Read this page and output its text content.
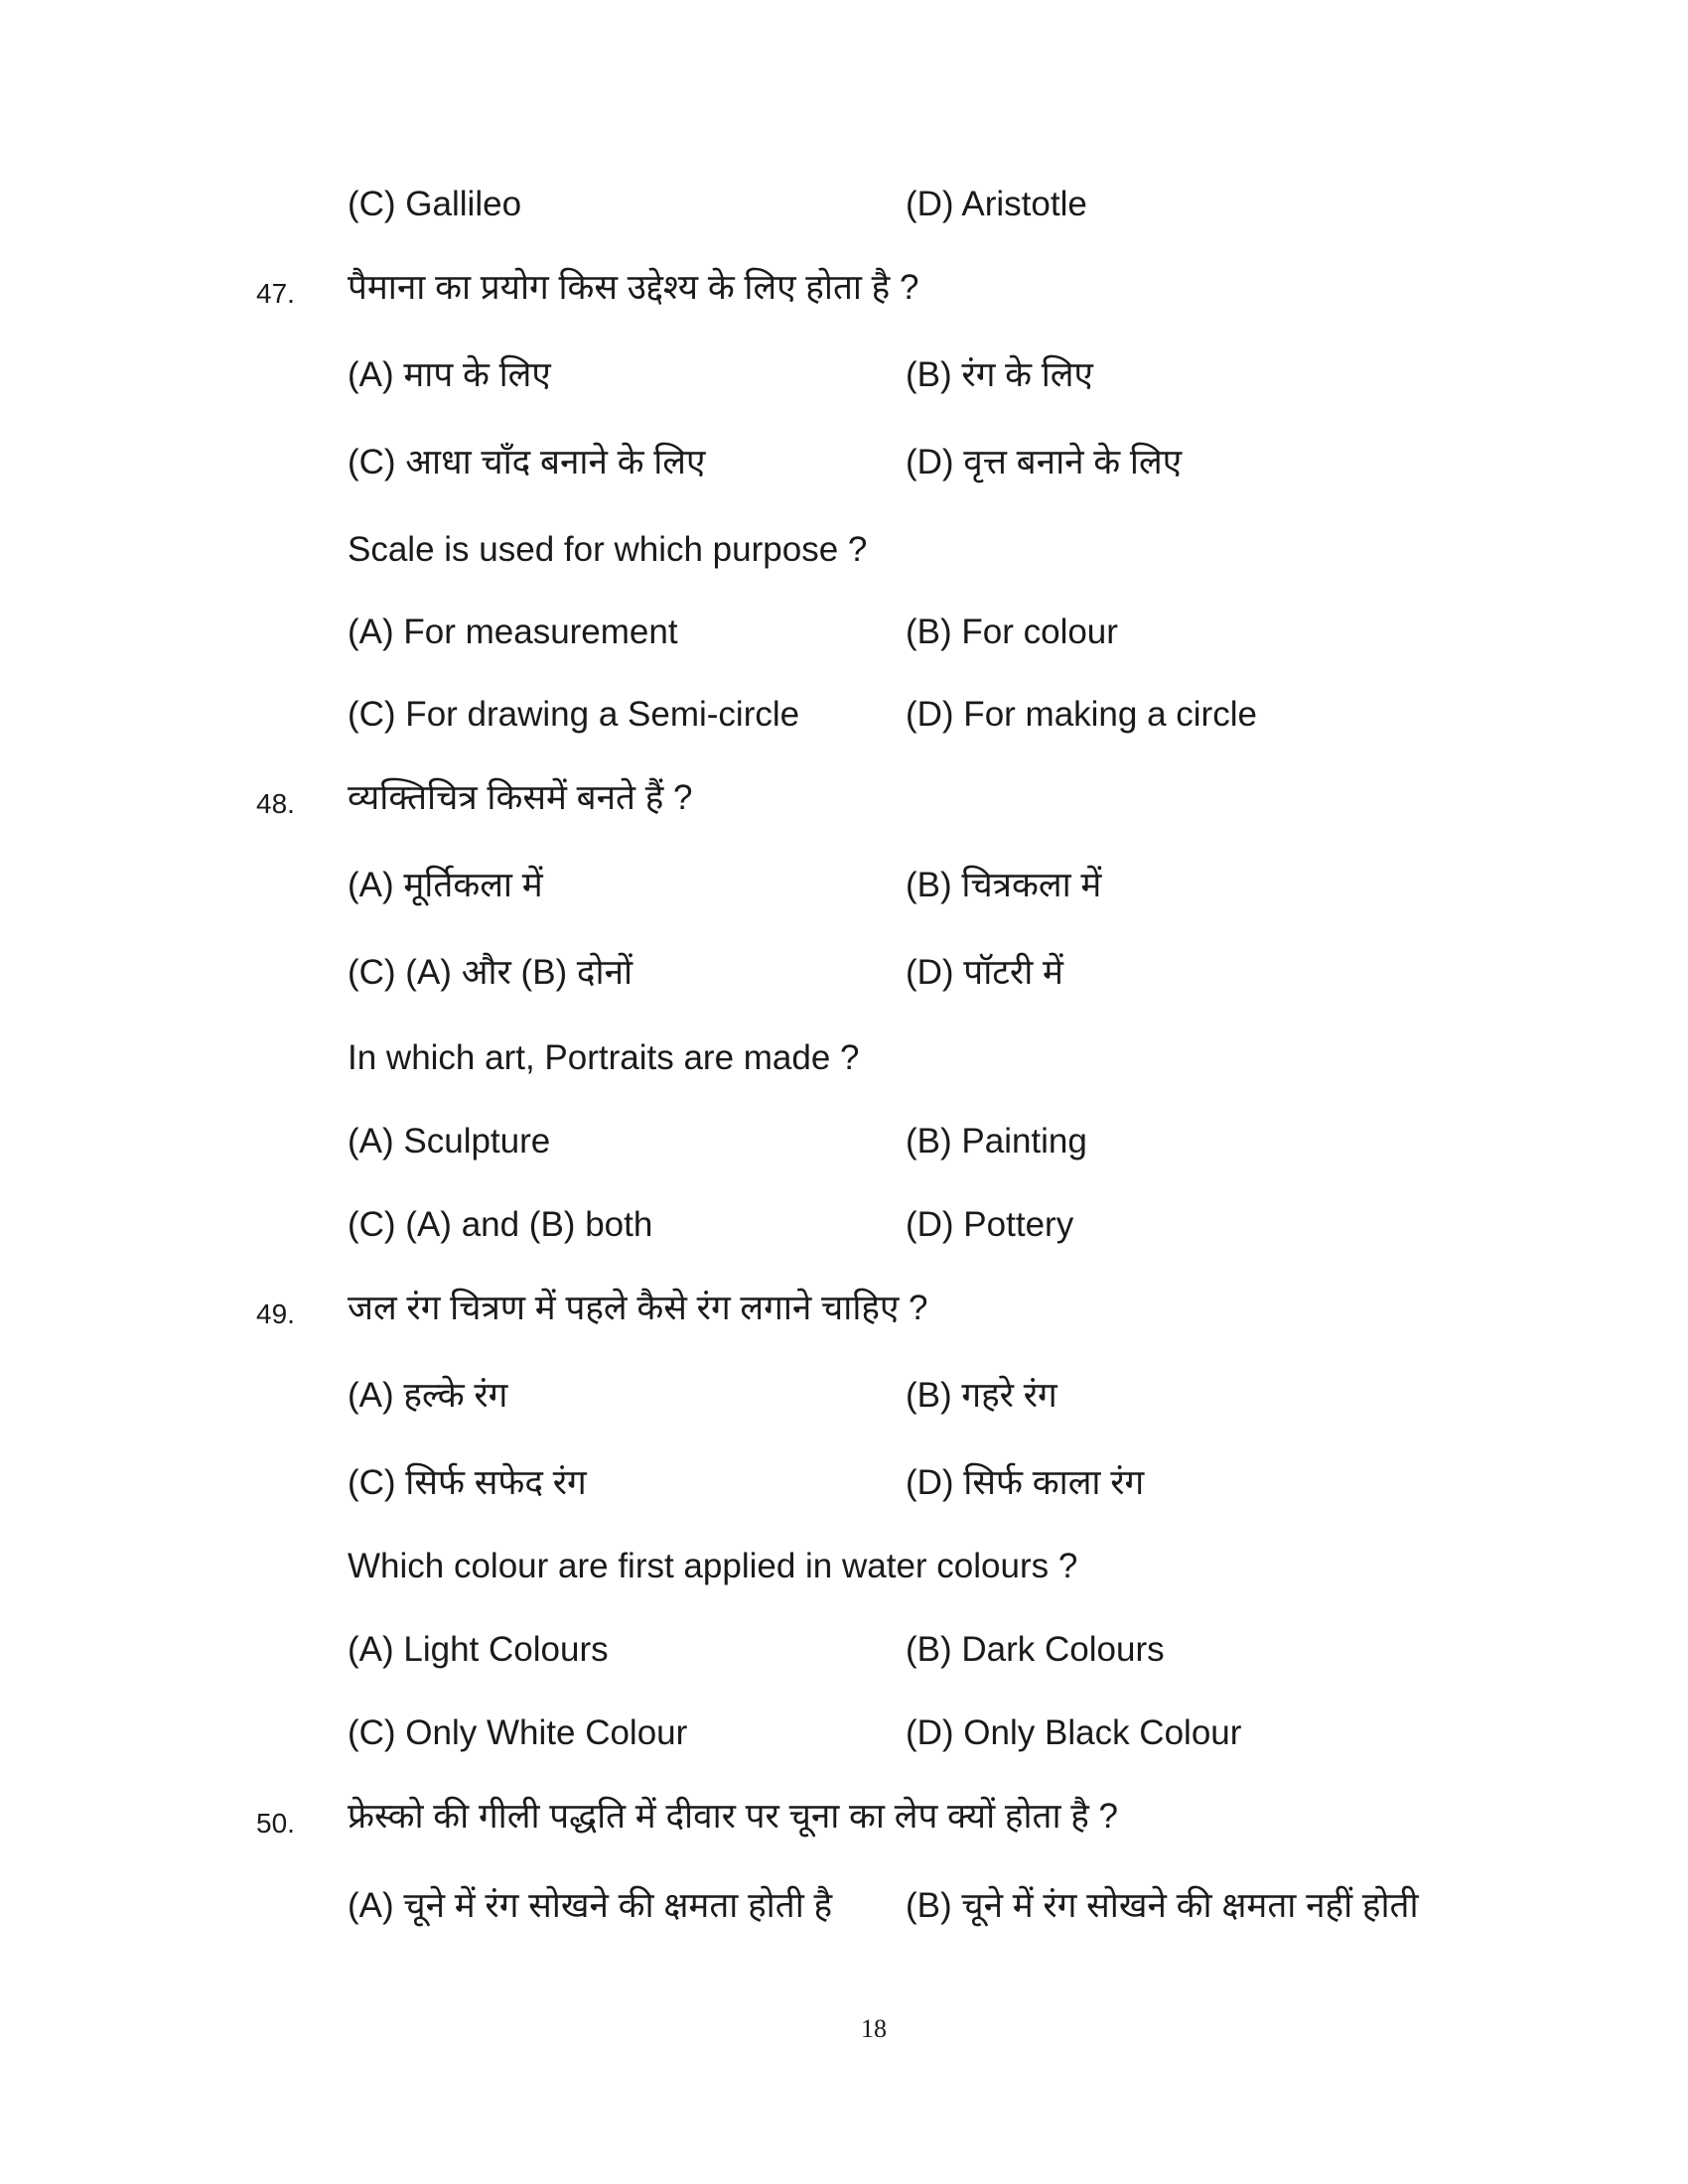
(C) Gallileo	(D) Aristotle
47. पैमाना का प्रयोग किस उद्देश्य के लिए होता है ?
(A) माप के लिए	(B) रंग के लिए
(C) आधा चाँद बनाने के लिए	(D) वृत्त बनाने के लिए
Scale is used for which purpose ?
(A) For measurement	(B) For colour
(C) For drawing a Semi-circle	(D) For making a circle
48. व्यक्तिचित्र किसमें बनते हैं ?
(A) मूर्तिकला में	(B) चित्रकला में
(C) (A) और (B) दोनों	(D) पॉटरी में
In which art, Portraits are made ?
(A) Sculpture	(B) Painting
(C) (A) and (B) both	(D) Pottery
49. जल रंग चित्रण में पहले कैसे रंग लगाने चाहिए ?
(A) हल्के रंग	(B) गहरे रंग
(C) सिर्फ सफेद रंग	(D) सिर्फ काला रंग
Which colour are first applied in water colours ?
(A) Light Colours	(B) Dark Colours
(C) Only White Colour	(D) Only Black Colour
50. फ्रेस्को की गीली पद्धति में दीवार पर चूना का लेप क्यों होता है ?
(A) चूने में रंग सोखने की क्षमता होती है (B) चूने में रंग सोखने की क्षमता नहीं होती
18
